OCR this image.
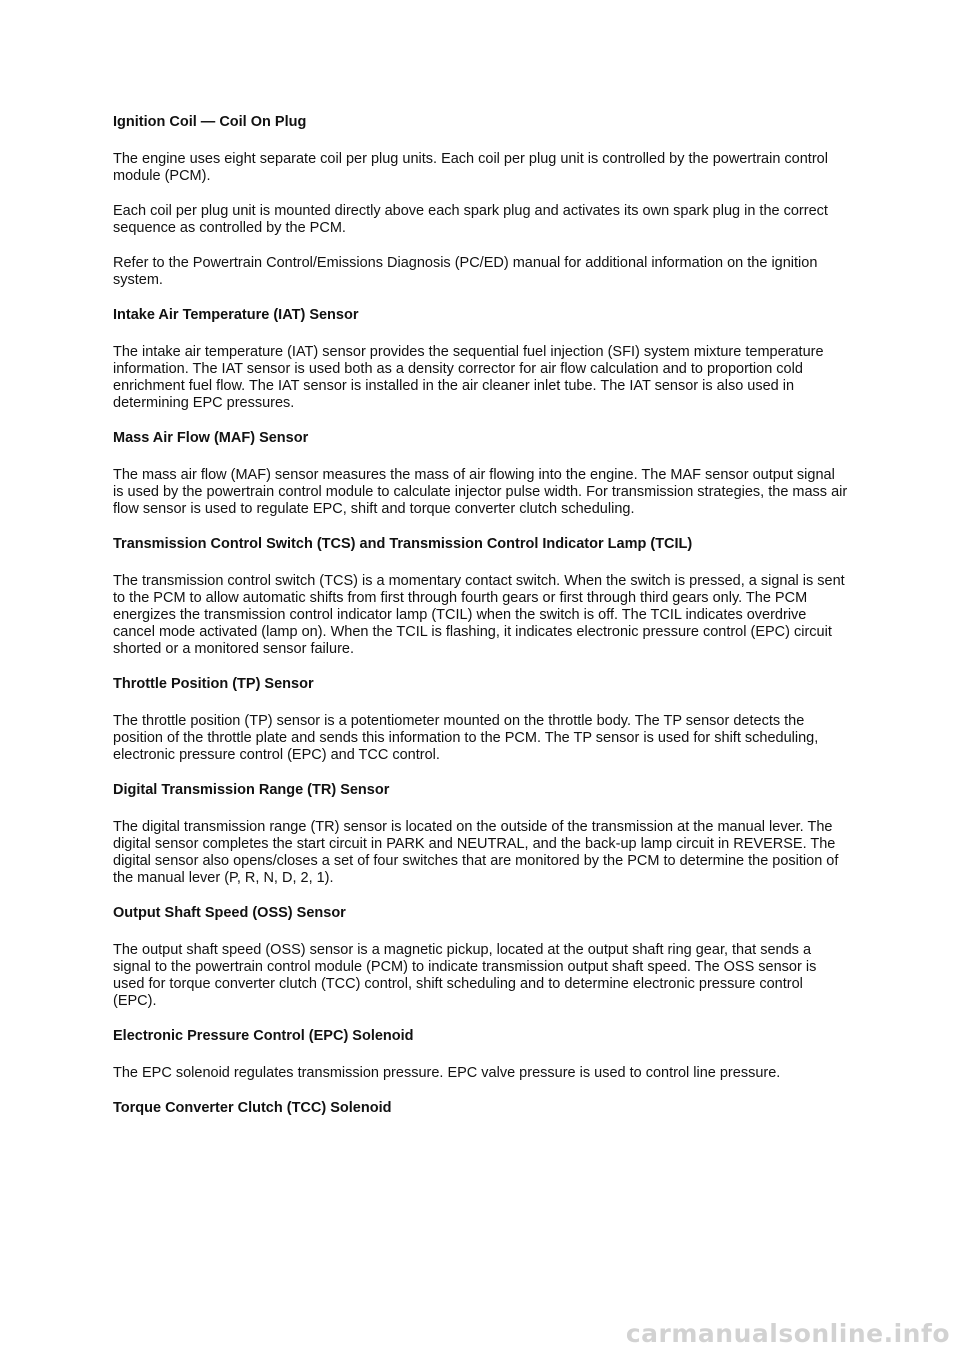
Ignition Coil — Coil On Plug

The engine uses eight separate coil per plug units. Each coil per plug unit is controlled by the powertrain control module (PCM).

Each coil per plug unit is mounted directly above each spark plug and activates its own spark plug in the correct sequence as controlled by the PCM.

Refer to the Powertrain Control/Emissions Diagnosis (PC/ED) manual for additional information on the ignition system.

Intake Air Temperature (IAT) Sensor

The intake air temperature (IAT) sensor provides the sequential fuel injection (SFI) system mixture temperature information. The IAT sensor is used both as a density corrector for air flow calculation and to proportion cold enrichment fuel flow. The IAT sensor is installed in the air cleaner inlet tube. The IAT sensor is also used in determining EPC pressures.

Mass Air Flow (MAF) Sensor

The mass air flow (MAF) sensor measures the mass of air flowing into the engine. The MAF sensor output signal is used by the powertrain control module to calculate injector pulse width. For transmission strategies, the mass air flow sensor is used to regulate EPC, shift and torque converter clutch scheduling.

Transmission Control Switch (TCS) and Transmission Control Indicator Lamp (TCIL)

The transmission control switch (TCS) is a momentary contact switch. When the switch is pressed, a signal is sent to the PCM to allow automatic shifts from first through fourth gears or first through third gears only. The PCM energizes the transmission control indicator lamp (TCIL) when the switch is off. The TCIL indicates overdrive cancel mode activated (lamp on). When the TCIL is flashing, it indicates electronic pressure control (EPC) circuit shorted or a monitored sensor failure.

Throttle Position (TP) Sensor

The throttle position (TP) sensor is a potentiometer mounted on the throttle body. The TP sensor detects the position of the throttle plate and sends this information to the PCM. The TP sensor is used for shift scheduling, electronic pressure control (EPC) and TCC control.

Digital Transmission Range (TR) Sensor

The digital transmission range (TR) sensor is located on the outside of the transmission at the manual lever. The digital sensor completes the start circuit in PARK and NEUTRAL, and the back-up lamp circuit in REVERSE. The digital sensor also opens/closes a set of four switches that are monitored by the PCM to determine the position of the manual lever (P, R, N, D, 2, 1).

Output Shaft Speed (OSS) Sensor

The output shaft speed (OSS) sensor is a magnetic pickup, located at the output shaft ring gear, that sends a signal to the powertrain control module (PCM) to indicate transmission output shaft speed. The OSS sensor is used for torque converter clutch (TCC) control, shift scheduling and to determine electronic pressure control (EPC).

Electronic Pressure Control (EPC) Solenoid

The EPC solenoid regulates transmission pressure. EPC valve pressure is used to control line pressure.

Torque Converter Clutch (TCC) Solenoid
carmanualsonline.info
